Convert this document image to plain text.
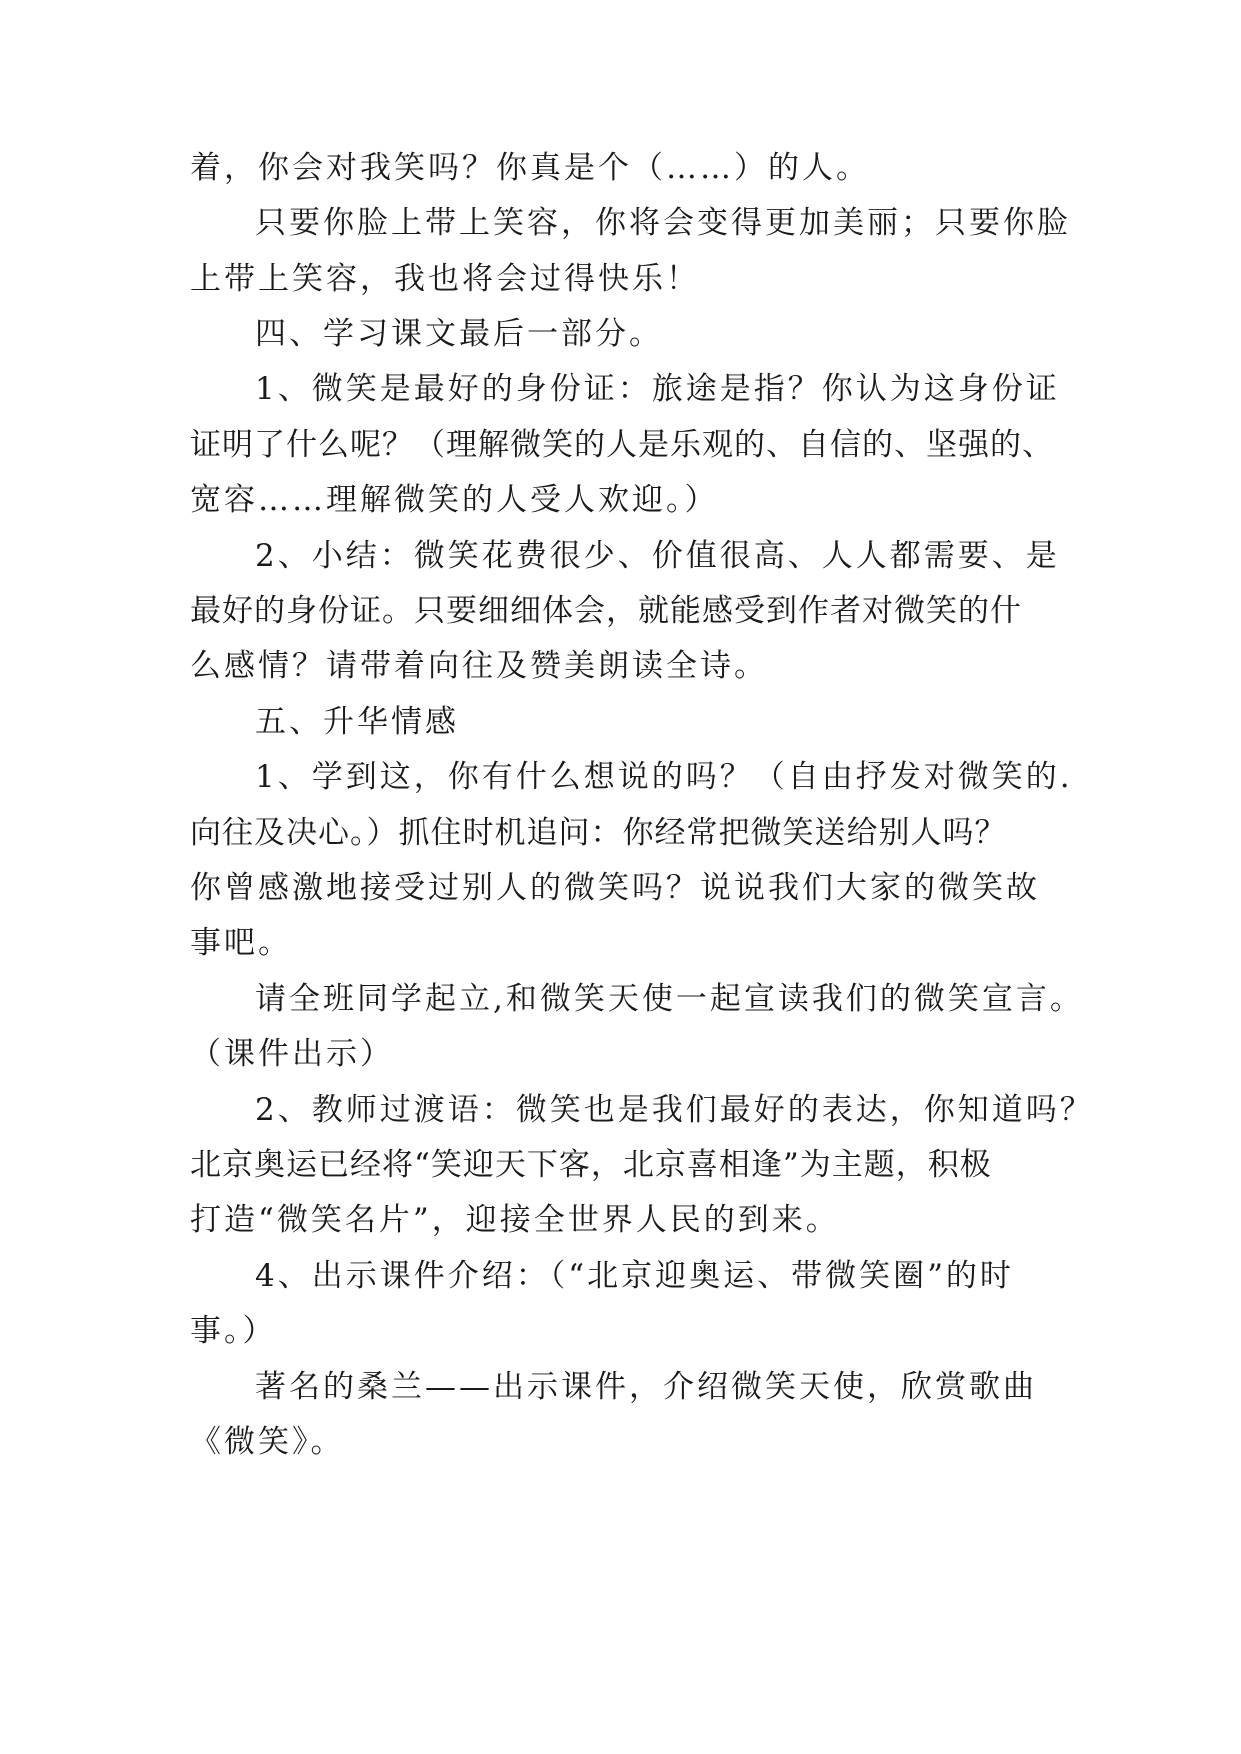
着，你会对我笑吗？你真是个（……）的人。
只要你脸上带上笑容，你将会变得更加美丽；只要你脸
上带上笑容，我也将会过得快乐！
四、学习课文最后一部分。
1、微笑是最好的身份证：旅途是指？你认为这身份证
证明了什么呢？（理解微笑的人是乐观的、自信的、坚强的、
宽容……理解微笑的人受人欢迎。）
2、小结：微笑花费很少、价值很高、人人都需要、是
最好的身份证。只要细细体会，就能感受到作者对微笑的什
么感情？请带着向往及赞美朗读全诗。
五、升华情感
1、学到这，你有什么想说的吗？（自由抒发对微笑的.
向往及决心。）抓住时机追问：你经常把微笑送给别人吗？
你曾感激地接受过别人的微笑吗？说说我们大家的微笑故
事吧。
请全班同学起立,和微笑天使一起宣读我们的微笑宣言。
（课件出示）
2、教师过渡语：微笑也是我们最好的表达，你知道吗？
北京奥运已经将“笑迎天下客，北京喜相逢”为主题，积极
打造“微笑名片”，迎接全世界人民的到来。
4、出示课件介绍：（“北京迎奥运、带微笑圈”的时
事。）
著名的桑兰——出示课件，介绍微笑天使，欣赏歌曲
《微笑》。
